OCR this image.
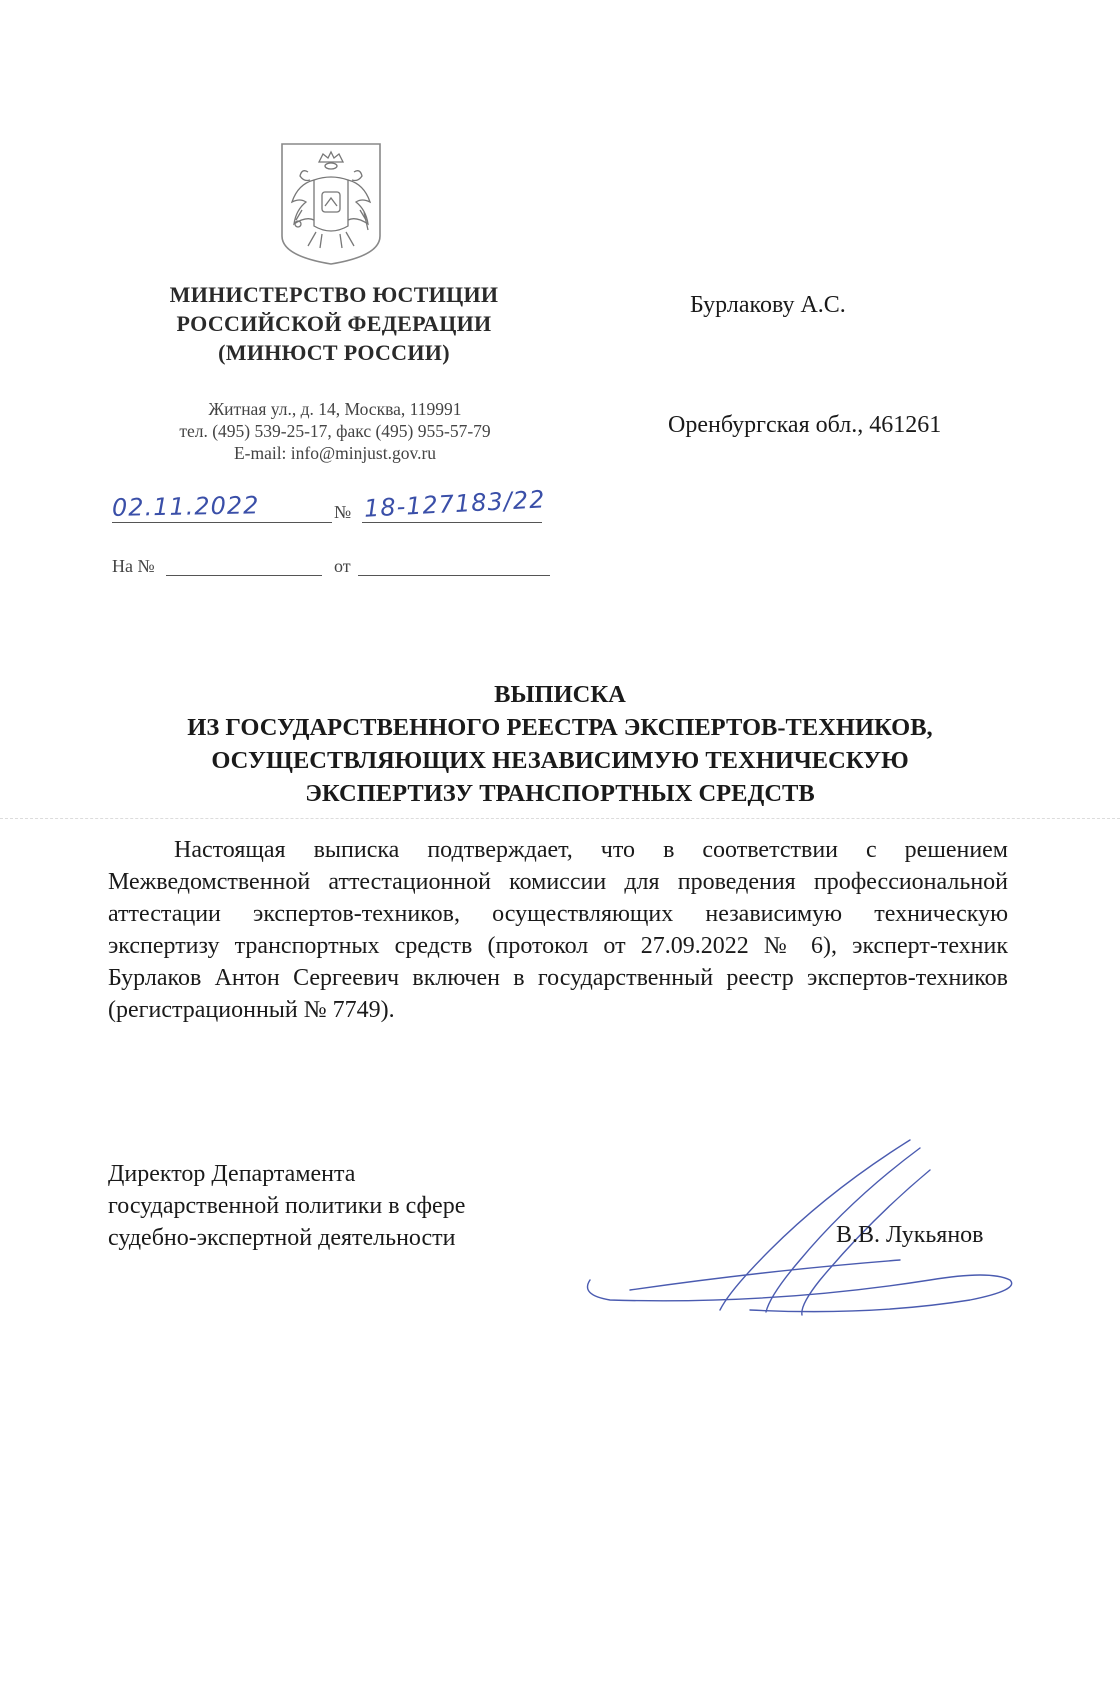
МИНИСТЕРСТВО ЮСТИЦИИ
РОССИЙСКОЙ ФЕДЕРАЦИИ
(МИНЮСТ РОССИИ)
Житная ул., д. 14, Москва, 119991
тел. (495) 539-25-17, факс (495) 955-57-79
E-mail: info@minjust.gov.ru
02.11.2022	№ 18-127183/22
На №	от
Бурлакову А.С.
Оренбургская обл., 461261
ВЫПИСКА
ИЗ ГОСУДАРСТВЕННОГО РЕЕСТРА ЭКСПЕРТОВ-ТЕХНИКОВ,
ОСУЩЕСТВЛЯЮЩИХ НЕЗАВИСИМУЮ ТЕХНИЧЕСКУЮ
ЭКСПЕРТИЗУ ТРАНСПОРТНЫХ СРЕДСТВ
Настоящая выписка подтверждает, что в соответствии с решением Межведомственной аттестационной комиссии для проведения профессиональной аттестации экспертов-техников, осуществляющих независимую техническую экспертизу транспортных средств (протокол от 27.09.2022 № 6), эксперт-техник Бурлаков Антон Сергеевич включен в государственный реестр экспертов-техников (регистрационный № 7749).
Директор Департамента
государственной политики в сфере
судебно-экспертной деятельности	В.В. Лукьянов
